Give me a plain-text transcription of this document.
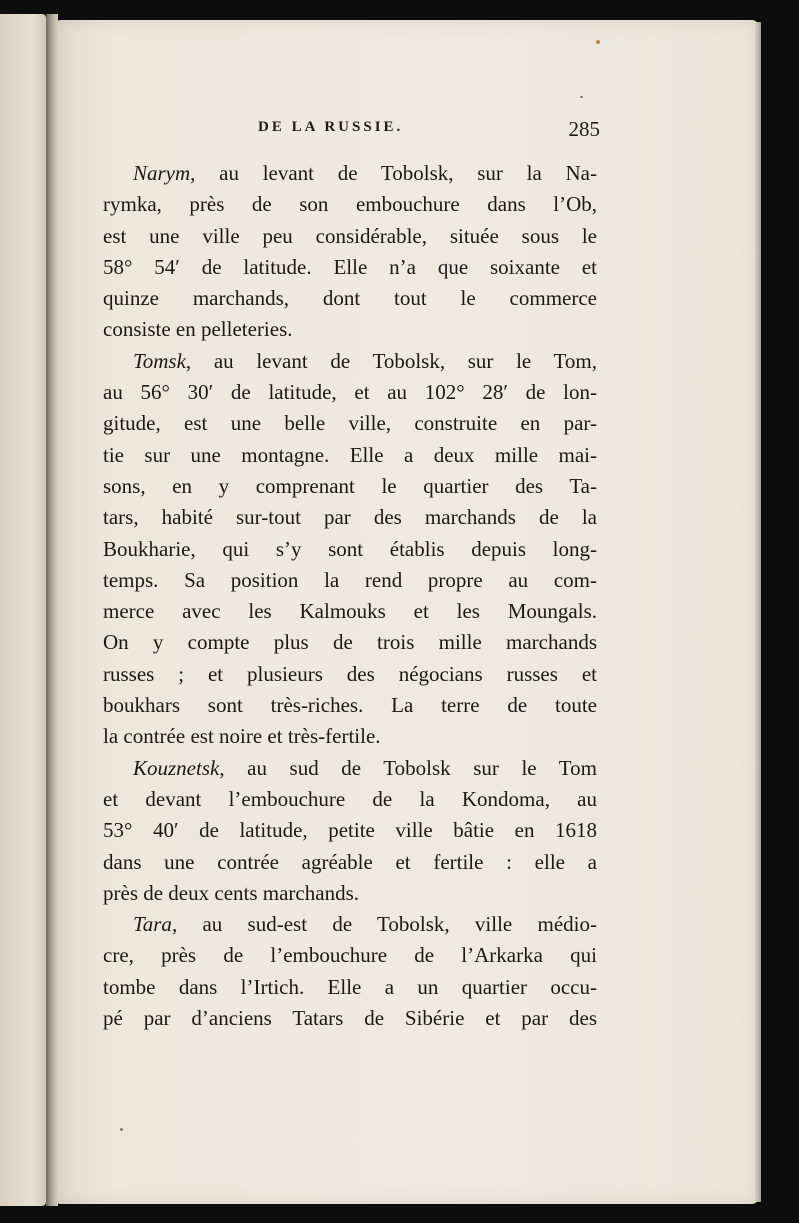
DE LA RUSSIE.	285
Narym, au levant de Tobolsk, sur la Na-
rymka, près de son embouchure dans l’Ob,
est une ville peu considérable, située sous le
58° 54′ de latitude. Elle n’a que soixante et
quinze marchands, dont tout le commerce
consiste en pelleteries.
Tomsk, au levant de Tobolsk, sur le Tom,
au 56° 30′ de latitude, et au 102° 28′ de lon-
gitude, est une belle ville, construite en par-
tie sur une montagne. Elle a deux mille mai-
sons, en y comprenant le quartier des Ta-
tars, habité sur-tout par des marchands de la
Boukharie, qui s’y sont établis depuis long-
temps. Sa position la rend propre au com-
merce avec les Kalmouks et les Moungals.
On y compte plus de trois mille marchands
russes ; et plusieurs des négocians russes et
boukhars sont très-riches. La terre de toute
la contrée est noire et très-fertile.
Kouznetsk, au sud de Tobolsk sur le Tom
et devant l’embouchure de la Kondoma, au
53° 40′ de latitude, petite ville bâtie en 1618
dans une contrée agréable et fertile : elle a
près de deux cents marchands.
Tara, au sud-est de Tobolsk, ville médio-
cre, près de l’embouchure de l’Arkarka qui
tombe dans l’Irtich. Elle a un quartier occu-
pé par d’anciens Tatars de Sibérie et par des
